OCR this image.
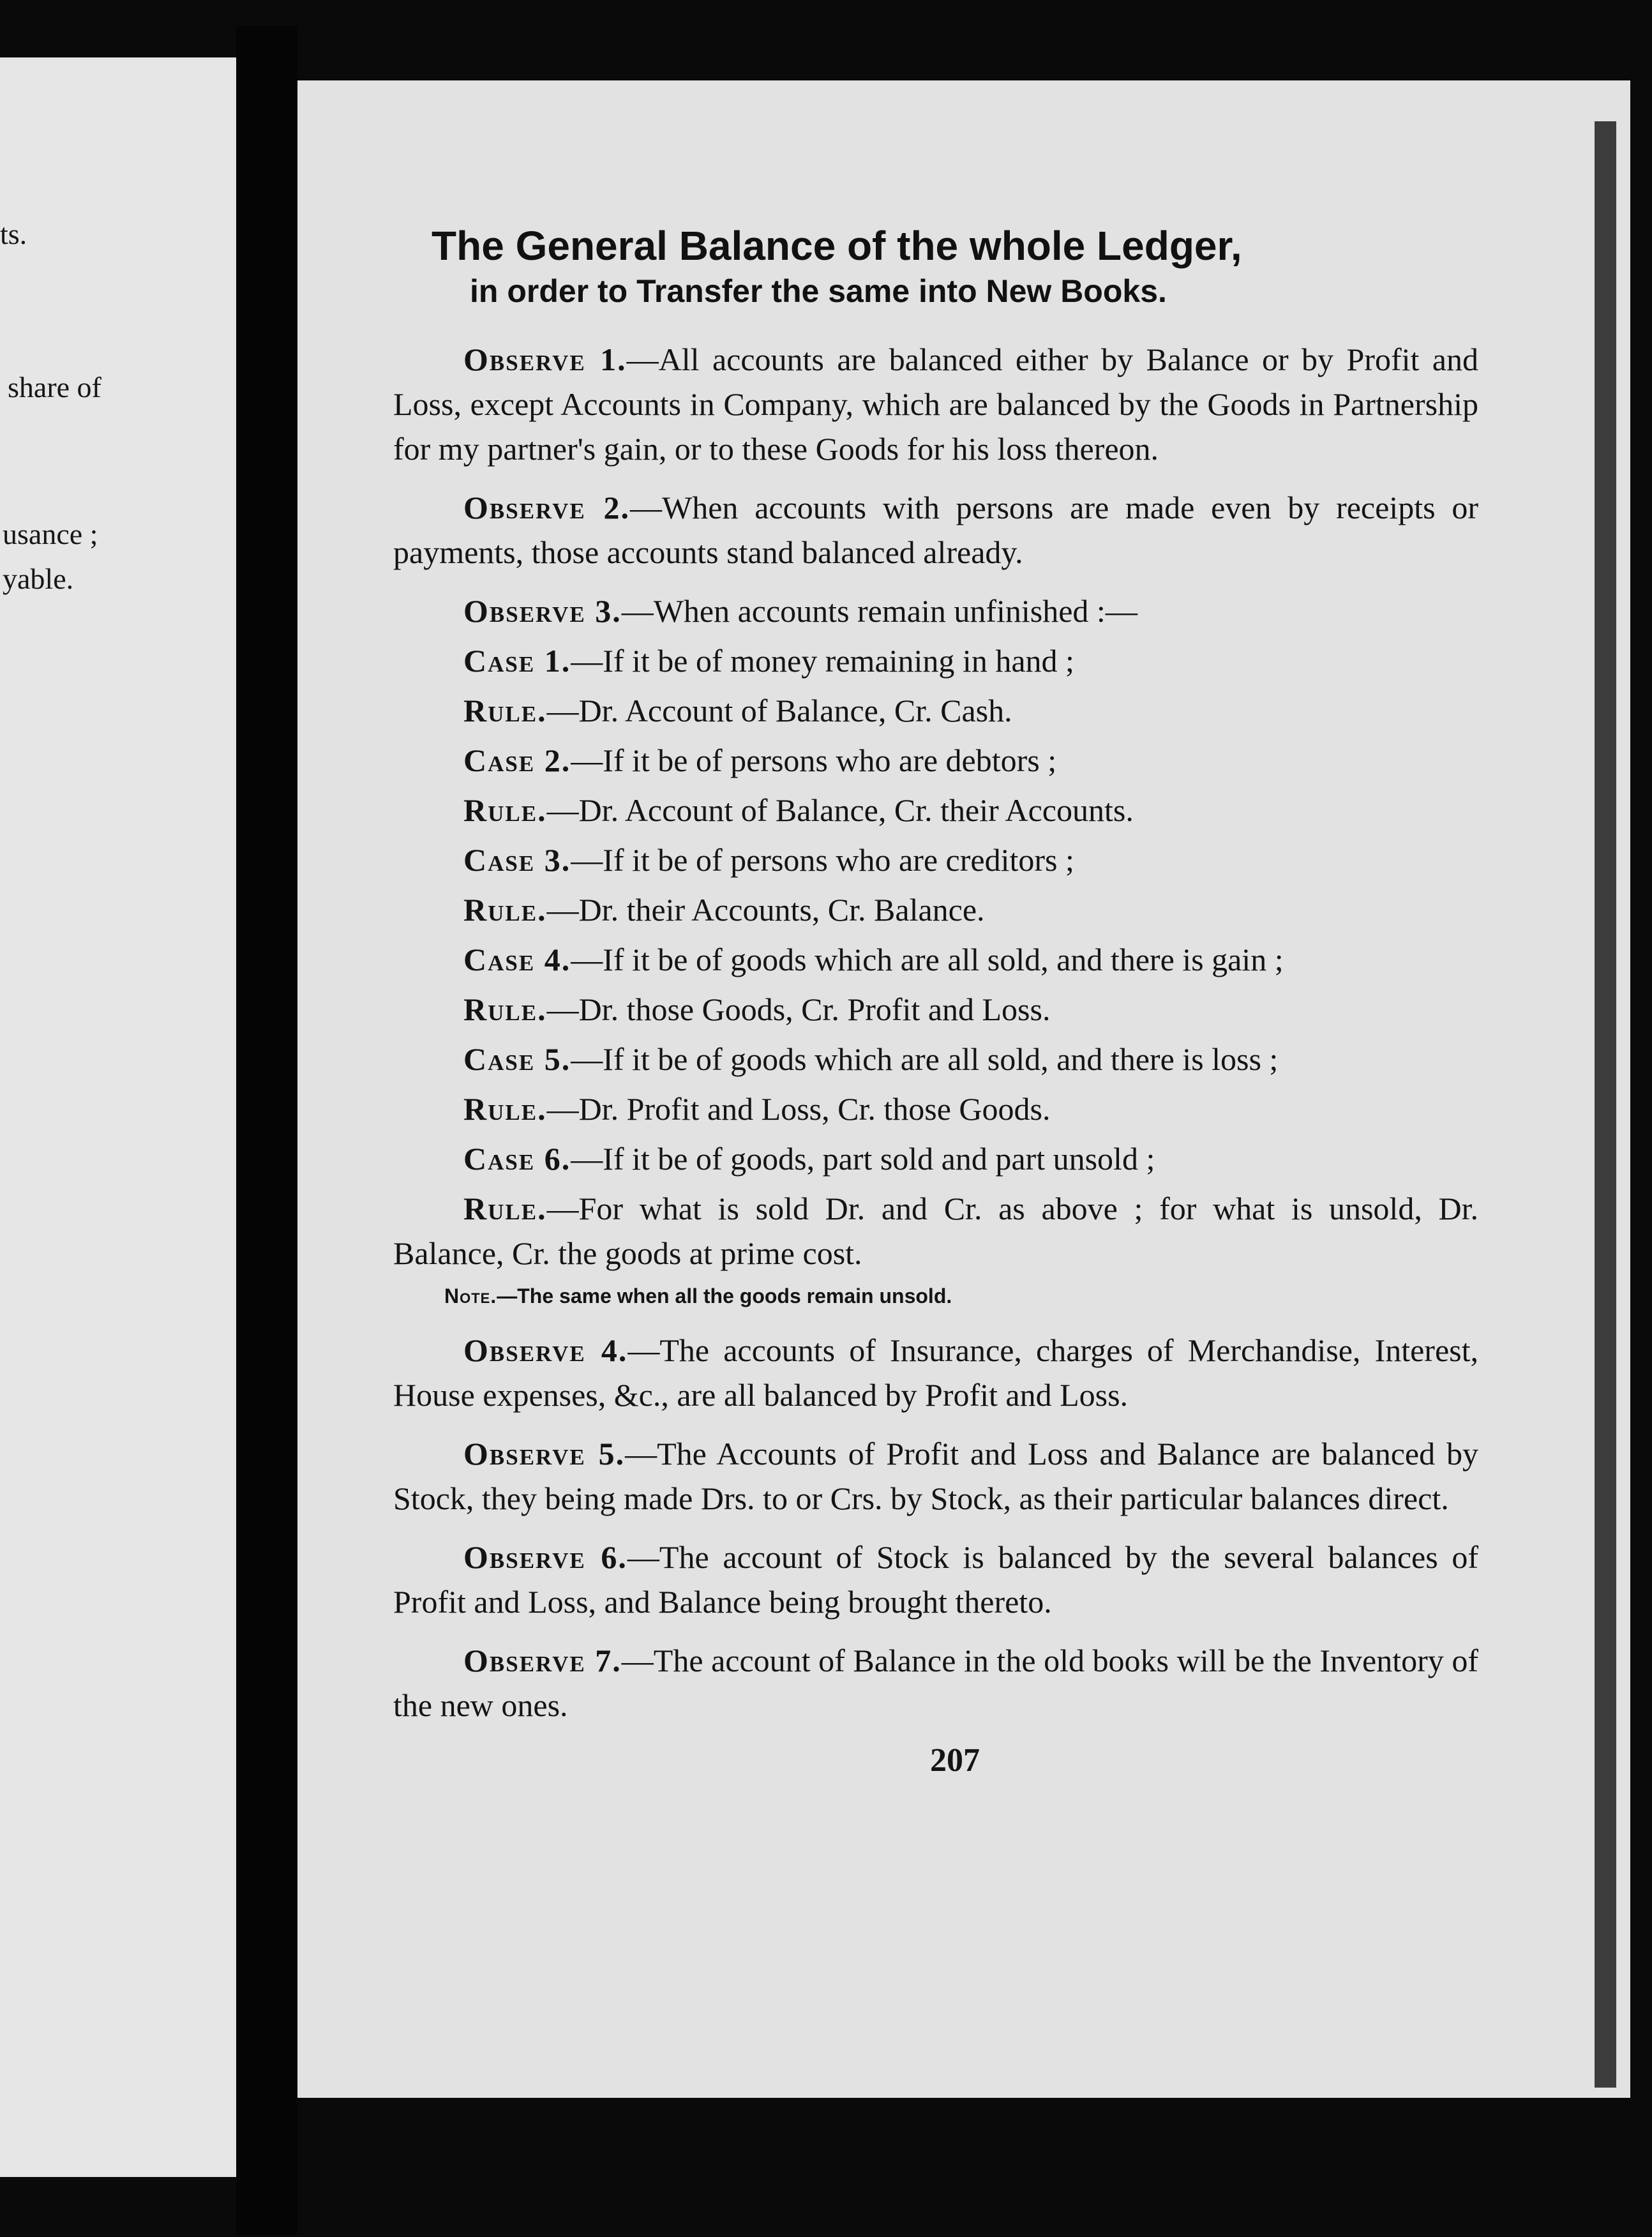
ts.
share of
usance ;
yable.
The General Balance of the whole Ledger,
in order to Transfer the same into New Books.

Observe 1.—All accounts are balanced either by Balance or by Profit and Loss, except Accounts in Company, which are balanced by the Goods in Partnership for my partner's gain, or to these Goods for his loss thereon.

Observe 2.—When accounts with persons are made even by receipts or payments, those accounts stand balanced already.

Observe 3.—When accounts remain unfinished :—

Case 1.—If it be of money remaining in hand ;

Rule.—Dr. Account of Balance, Cr. Cash.

Case 2.—If it be of persons who are debtors ;

Rule.—Dr. Account of Balance, Cr. their Accounts.

Case 3.—If it be of persons who are creditors ;

Rule.—Dr. their Accounts, Cr. Balance.

Case 4.—If it be of goods which are all sold, and there is gain ;

Rule.—Dr. those Goods, Cr. Profit and Loss.

Case 5.—If it be of goods which are all sold, and there is loss ;

Rule.—Dr. Profit and Loss, Cr. those Goods.

Case 6.—If it be of goods, part sold and part unsold ;

Rule.—For what is sold Dr. and Cr. as above ; for what is unsold, Dr. Balance, Cr. the goods at prime cost.

Note.—The same when all the goods remain unsold.

Observe 4.—The accounts of Insurance, charges of Merchandise, Interest, House expenses, &c., are all balanced by Profit and Loss.

Observe 5.—The Accounts of Profit and Loss and Balance are balanced by Stock, they being made Drs. to or Crs. by Stock, as their particular balances direct.

Observe 6.—The account of Stock is balanced by the several balances of Profit and Loss, and Balance being brought thereto.

Observe 7.—The account of Balance in the old books will be the Inventory of the new ones.

207
